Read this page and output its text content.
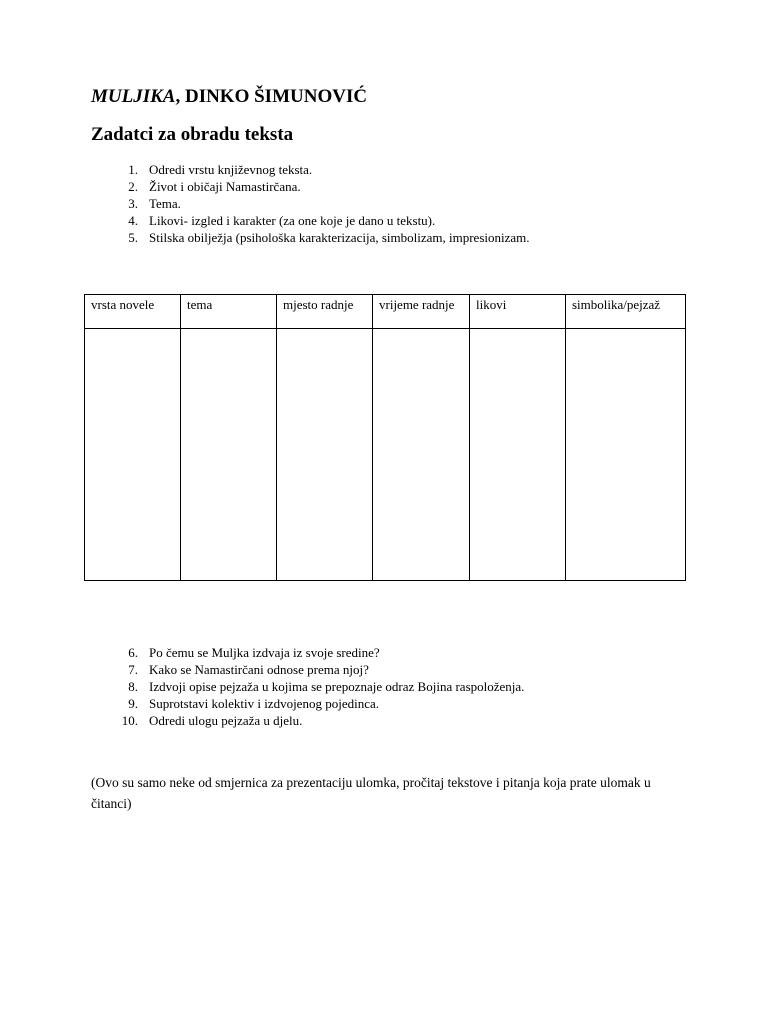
MULJIKA, DINKO ŠIMUNOVIĆ
Zadatci za obradu teksta
1. Odredi vrstu književnog teksta.
2. Život i običaji Namastirčana.
3. Tema.
4. Likovi- izgled i karakter (za one koje je dano u tekstu).
5. Stilska obilježja (psihološka karakterizacija, simbolizam, impresionizam.
vrsta novele	tema	mjesto radnje	vrijeme radnje	likovi	simbolika/pejzaž

6. Po čemu se Muljka izdvaja iz svoje sredine?
7. Kako se Namastirčani odnose prema njoj?
8. Izdvoji opise pejzaža u kojima se prepoznaje odraz Bojina raspoloženja.
9. Suprotstavi kolektiv i izdvojenog pojedinca.
10. Odredi ulogu pejzaža u djelu.
(Ovo su samo neke od smjernica za prezentaciju ulomka, pročitaj tekstove i pitanja koja prate ulomak u čitanci)
